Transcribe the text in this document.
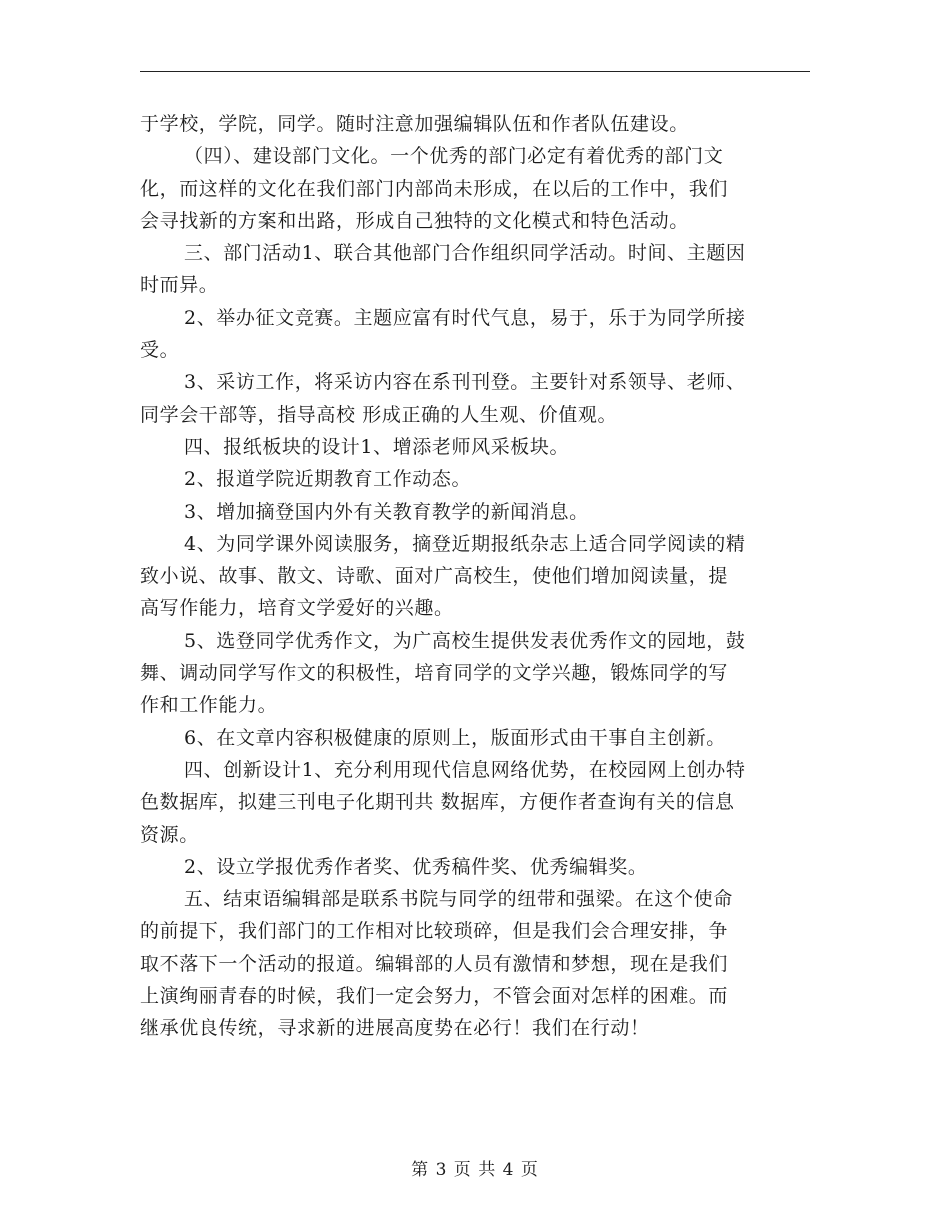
于学校，学院，同学。随时注意加强编辑队伍和作者队伍建设。
（四）、建设部门文化。一个优秀的部门必定有着优秀的部门文
化，而这样的文化在我们部门内部尚未形成，在以后的工作中，我们
会寻找新的方案和出路，形成自己独特的文化模式和特色活动。
三、部门活动1、联合其他部门合作组织同学活动。时间、主题因
时而异。
2、举办征文竞赛。主题应富有时代气息，易于，乐于为同学所接
受。
3、采访工作，将采访内容在系刊刊登。主要针对系领导、老师、
同学会干部等，指导高校 形成正确的人生观、价值观。
四、报纸板块的设计1、增添老师风采板块。
2、报道学院近期教育工作动态。
3、增加摘登国内外有关教育教学的新闻消息。
4、为同学课外阅读服务，摘登近期报纸杂志上适合同学阅读的精
致小说、故事、散文、诗歌、面对广高校生，使他们增加阅读量，提
高写作能力，培育文学爱好的兴趣。
5、选登同学优秀作文，为广高校生提供发表优秀作文的园地，鼓
舞、调动同学写作文的积极性，培育同学的文学兴趣，锻炼同学的写
作和工作能力。
6、在文章内容积极健康的原则上，版面形式由干事自主创新。
四、创新设计1、充分利用现代信息网络优势，在校园网上创办特
色数据库，拟建三刊电子化期刊共 数据库，方便作者查询有关的信息
资源。
2、设立学报优秀作者奖、优秀稿件奖、优秀编辑奖。
五、结束语编辑部是联系书院与同学的纽带和强梁。在这个使命
的前提下，我们部门的工作相对比较琐碎，但是我们会合理安排，争
取不落下一个活动的报道。编辑部的人员有激情和梦想，现在是我们
上演绚丽青春的时候，我们一定会努力，不管会面对怎样的困难。而
继承优良传统，寻求新的进展高度势在必行！我们在行动！
第 3 页 共 4 页
